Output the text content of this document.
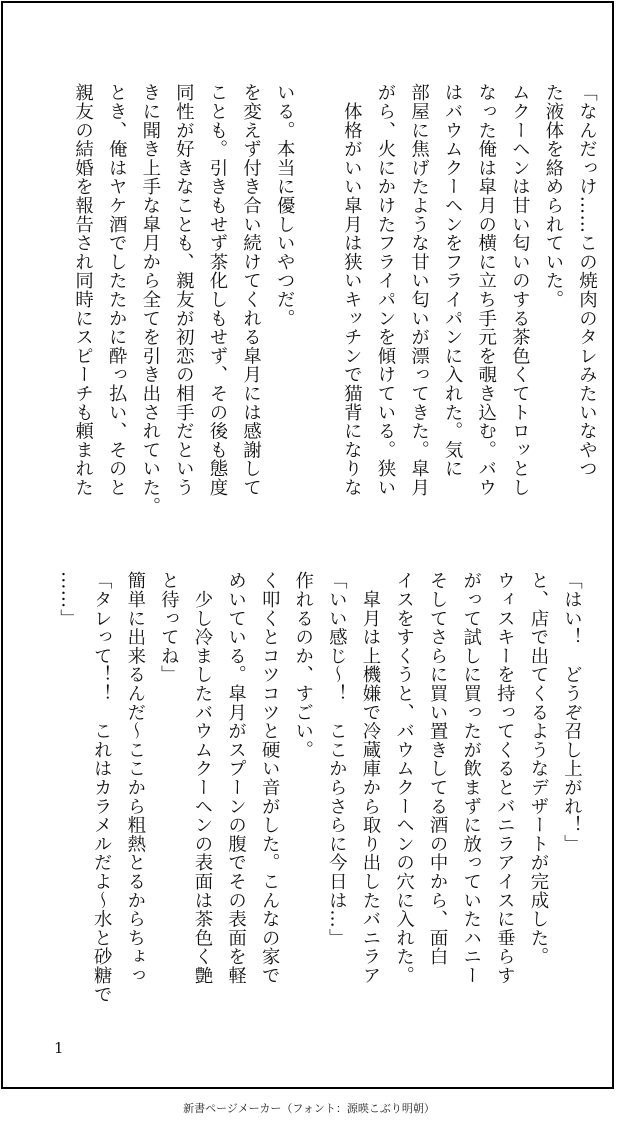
「なんだっけ……この焼肉のタレみたいなやつ
た液体を絡められていた。
ムクーヘンは甘い匂いのする茶色くてトロッとし
なった俺は皐月の横に立ち手元を覗き込む。バウ
はバウムクーヘンをフライパンに入れた。気に
部屋に焦げたような甘い匂いが漂ってきた。皐月
がら、火にかけたフライパンを傾けている。狭い
　体格がいい皐月は狭いキッチンで猫背になりな

いる。本当に優しいやつだ。
を変えず付き合い続けてくれる皐月には感謝して
ことも。引きもせず茶化しもせず、その後も態度
同性が好きなことも、親友が初恋の相手だという
きに聞き上手な皐月から全てを引き出されていた。
とき、俺はヤケ酒でしたたかに酔っ払い、そのと
親友の結婚を報告され同時にスピーチも頼まれた
「はい！　どうぞ召し上がれ！」
と、店で出てくるようなデザートが完成した。
ウィスキーを持ってくるとバニラアイスに垂らす
がって試しに買ったが飲まずに放っていたハニー
そしてさらに買い置きしてる酒の中から、面白
イスをすくうと、バウムクーヘンの穴に入れた。
　皐月は上機嫌で冷蔵庫から取り出したバニラア
「いい感じ～！　ここからさらに今日は…」
作れるのか、すごい。
く叩くとコツコツと硬い音がした。こんなの家で
めいている。皐月がスプーンの腹でその表面を軽
　少し冷ましたバウムクーヘンの表面は茶色く艶
と待ってね」
簡単に出来るんだ～ここから粗熱とるからちょっ
「タレって！！　これはカラメルだよ～水と砂糖で
……」
1
新書ページメーカー（フォント：源暎こぶり明朝）
